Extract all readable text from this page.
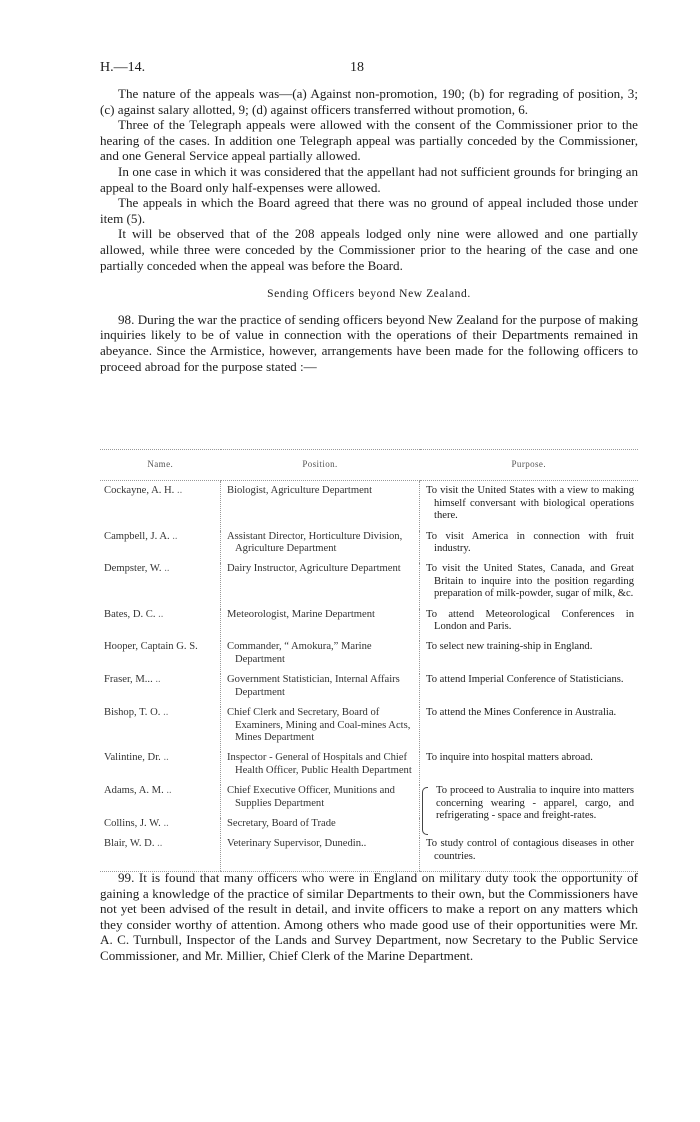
H.—14.	18

The nature of the appeals was—(a) Against non-promotion, 190; (b) for regrading of position, 3; (c) against salary allotted, 9; (d) against officers transferred without promotion, 6.

Three of the Telegraph appeals were allowed with the consent of the Commissioner prior to the hearing of the cases. In addition one Telegraph appeal was partially conceded by the Commissioner, and one General Service appeal partially allowed.

In one case in which it was considered that the appellant had not sufficient grounds for bringing an appeal to the Board only half-expenses were allowed.

The appeals in which the Board agreed that there was no ground of appeal included those under item (5).

It will be observed that of the 208 appeals lodged only nine were allowed and one partially allowed, while three were conceded by the Commissioner prior to the hearing of the case and one partially conceded when the appeal was before the Board.

Sending Officers beyond New Zealand.

98. During the war the practice of sending officers beyond New Zealand for the purpose of making inquiries likely to be of value in connection with the operations of their Departments remained in abeyance. Since the Armistice, however, arrangements have been made for the following officers to proceed abroad for the purpose stated :—

Name.	Position.	Purpose.
Cockayne, A. H. ..	Biologist, Agriculture Department	To visit the United States with a view to making himself conversant with biological operations there.
Campbell, J. A. ..	Assistant Director, Horticulture Division, Agriculture Department	To visit America in connection with fruit industry.
Dempster, W. ..	Dairy Instructor, Agriculture Department	To visit the United States, Canada, and Great Britain to inquire into the position regarding preparation of milk-powder, sugar of milk, &c.
Bates, D. C. ..	Meteorologist, Marine Department	To attend Meteorological Conferences in London and Paris.
Hooper, Captain G. S.	Commander, “ Amokura,” Marine Department	To select new training-ship in England.
Fraser, M... ..	Government Statistician, Internal Affairs Department	To attend Imperial Conference of Statisticians.
Bishop, T. O. ..	Chief Clerk and Secretary, Board of Examiners, Mining and Coal-mines Acts, Mines Department	To attend the Mines Conference in Australia.
Valintine, Dr. ..	Inspector - General of Hospitals and Chief Health Officer, Public Health Department	To inquire into hospital matters abroad.
Adams, A. M. ..	Chief Executive Officer, Munitions and Supplies Department	To proceed to Australia to inquire into matters concerning wearing - apparel, cargo, and refrigerating - space and freight-rates.

Collins, J. W. ..	Secretary, Board of Trade	
Blair, W. D. ..	Veterinary Supervisor, Dunedin..	To study control of contagious diseases in other countries.

99. It is found that many officers who were in England on military duty took the opportunity of gaining a knowledge of the practice of similar Departments to their own, but the Commissioners have not yet been advised of the result in detail, and invite officers to make a report on any matters which they consider worthy of attention. Among others who made good use of their opportunities were Mr. A. C. Turnbull, Inspector of the Lands and Survey Department, now Secretary to the Public Service Commissioner, and Mr. Millier, Chief Clerk of the Marine Department.
